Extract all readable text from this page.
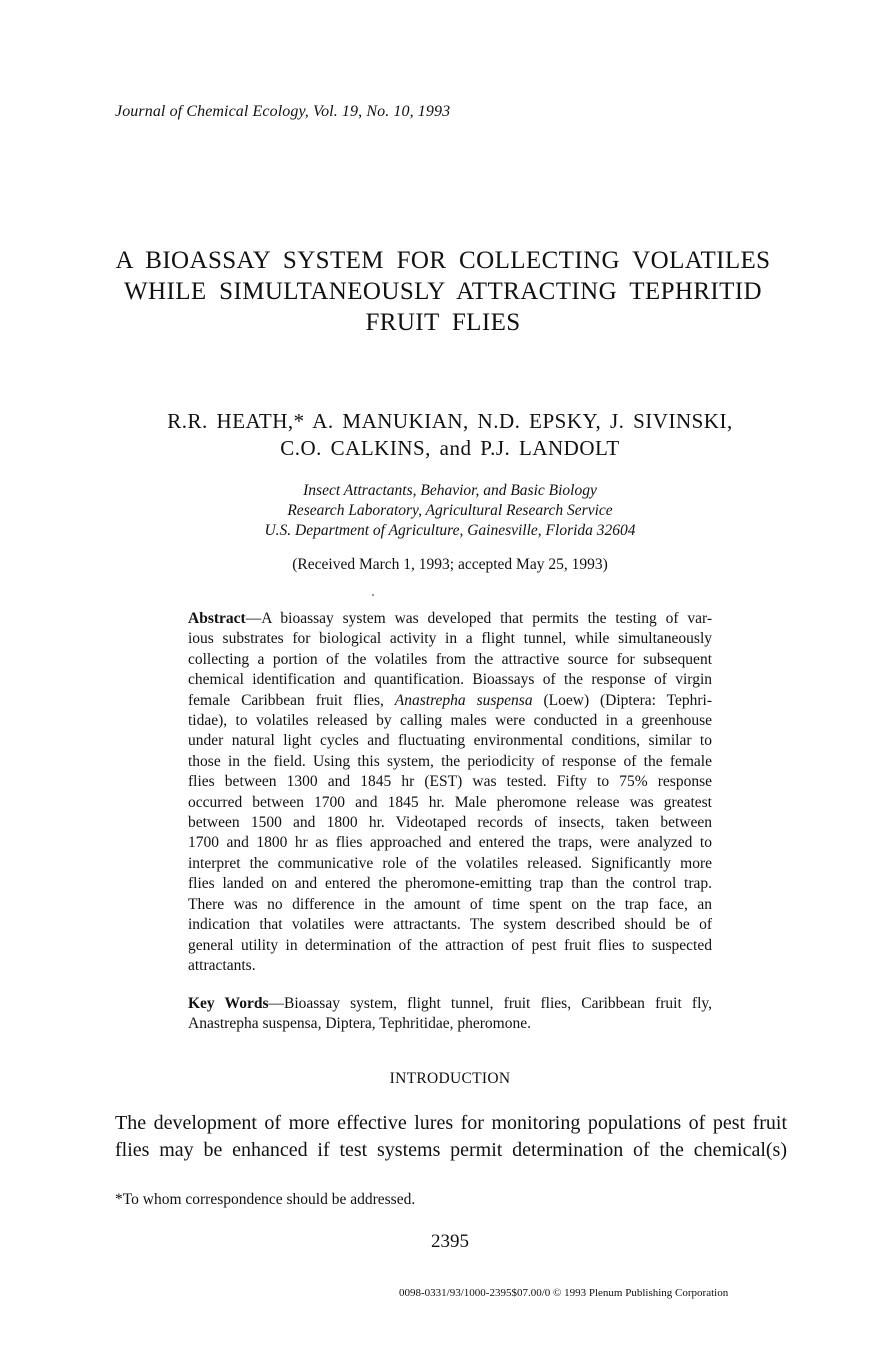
Journal of Chemical Ecology, Vol. 19, No. 10, 1993
A BIOASSAY SYSTEM FOR COLLECTING VOLATILES
WHILE SIMULTANEOUSLY ATTRACTING TEPHRITID
FRUIT FLIES
R.R. HEATH,* A. MANUKIAN, N.D. EPSKY, J. SIVINSKI,
C.O. CALKINS, and P.J. LANDOLT
Insect Attractants, Behavior, and Basic Biology
Research Laboratory, Agricultural Research Service
U.S. Department of Agriculture, Gainesville, Florida 32604
(Received March 1, 1993; accepted May 25, 1993)
Abstract—A bioassay system was developed that permits the testing of var-
ious substrates for biological activity in a flight tunnel, while simultaneously
collecting a portion of the volatiles from the attractive source for subsequent
chemical identification and quantification. Bioassays of the response of virgin
female Caribbean fruit flies, Anastrepha suspensa (Loew) (Diptera: Tephri-
tidae), to volatiles released by calling males were conducted in a greenhouse
under natural light cycles and fluctuating environmental conditions, similar to
those in the field. Using this system, the periodicity of response of the female
flies between 1300 and 1845 hr (EST) was tested. Fifty to 75% response
occurred between 1700 and 1845 hr. Male pheromone release was greatest
between 1500 and 1800 hr. Videotaped records of insects, taken between
1700 and 1800 hr as flies approached and entered the traps, were analyzed to
interpret the communicative role of the volatiles released. Significantly more
flies landed on and entered the pheromone-emitting trap than the control trap.
There was no difference in the amount of time spent on the trap face, an
indication that volatiles were attractants. The system described should be of
general utility in determination of the attraction of pest fruit flies to suspected
attractants.
Key Words—Bioassay system, flight tunnel, fruit flies, Caribbean fruit fly,
Anastrepha suspensa, Diptera, Tephritidae, pheromone.
INTRODUCTION
The development of more effective lures for monitoring populations of pest fruit
flies may be enhanced if test systems permit determination of the chemical(s)
*To whom correspondence should be addressed.
2395
0098-0331/93/1000-2395$07.00/0 © 1993 Plenum Publishing Corporation
